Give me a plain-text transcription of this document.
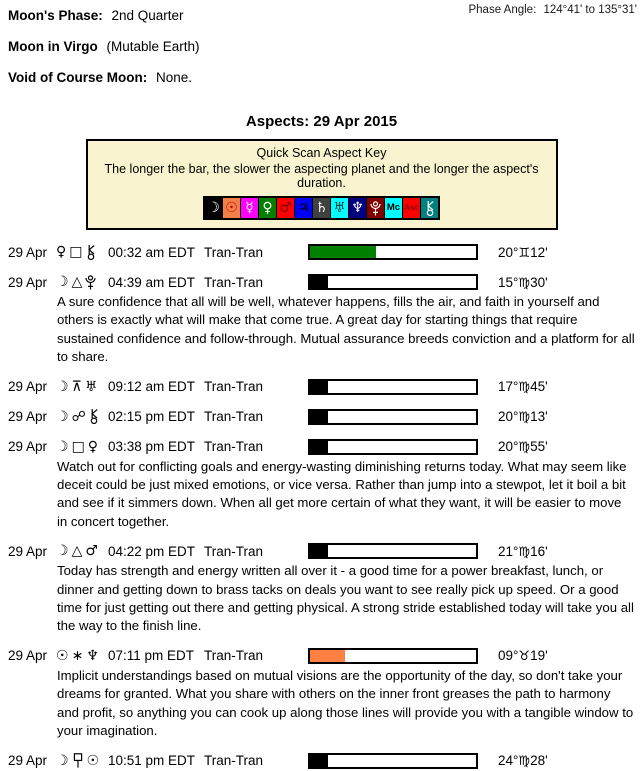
Moon's Phase: 2nd Quarter
Moon in Virgo (Mutable Earth)
Void of Course Moon: None.
Phase Angle: 124°41' to 135°31'
Aspects: 29 Apr 2015
Quick Scan Aspect Key
The longer the bar, the slower the aspecting planet and the longer the aspect's duration.
☽ ☉ ☿ ♀ ♂ ♃ ♄ ♅ ♆ Mc Asc
29 Apr ♀ □ 00:32 am EDT Tran-Tran	20°♊12'
29 Apr ☽ △ 04:39 am EDT Tran-Tran	15°♍30'
A sure confidence that all will be well, whatever happens, fills the air, and faith in yourself and others is exactly what will make that come true. A great day for starting things that require sustained confidence and follow-through. Mutual assurance breeds conviction and a platform for all to share.
29 Apr ☽ ⊼ ♅ 09:12 am EDT Tran-Tran	17°♍45'
29 Apr ☽ ☍ 02:15 pm EDT Tran-Tran	20°♍13'
29 Apr ☽ □ ♀ 03:38 pm EDT Tran-Tran	20°♍55'
Watch out for conflicting goals and energy-wasting diminishing returns today. What may seem like deceit could be just mixed emotions, or vice versa. Rather than jump into a stewpot, let it boil a bit and see if it simmers down. When all get more certain of what they want, it will be easier to move in concert together.
29 Apr ☽ △ ♂ 04:22 pm EDT Tran-Tran	21°♍16'
Today has strength and energy written all over it - a good time for a power breakfast, lunch, or dinner and getting down to brass tacks on deals you want to see really pick up speed. Or a good time for just getting out there and getting physical. A strong stride established today will take you all the way to the finish line.
29 Apr ☉ ∗ ♆ 07:11 pm EDT Tran-Tran	09°♉19'
Implicit understandings based on mutual visions are the opportunity of the day, so don't take your dreams for granted. What you share with others on the inner front greases the path to harmony and profit, so anything you can cook up along those lines will provide you with a tangible window to your imagination.
29 Apr ☽ ☉ 10:51 pm EDT Tran-Tran	24°♍28'
